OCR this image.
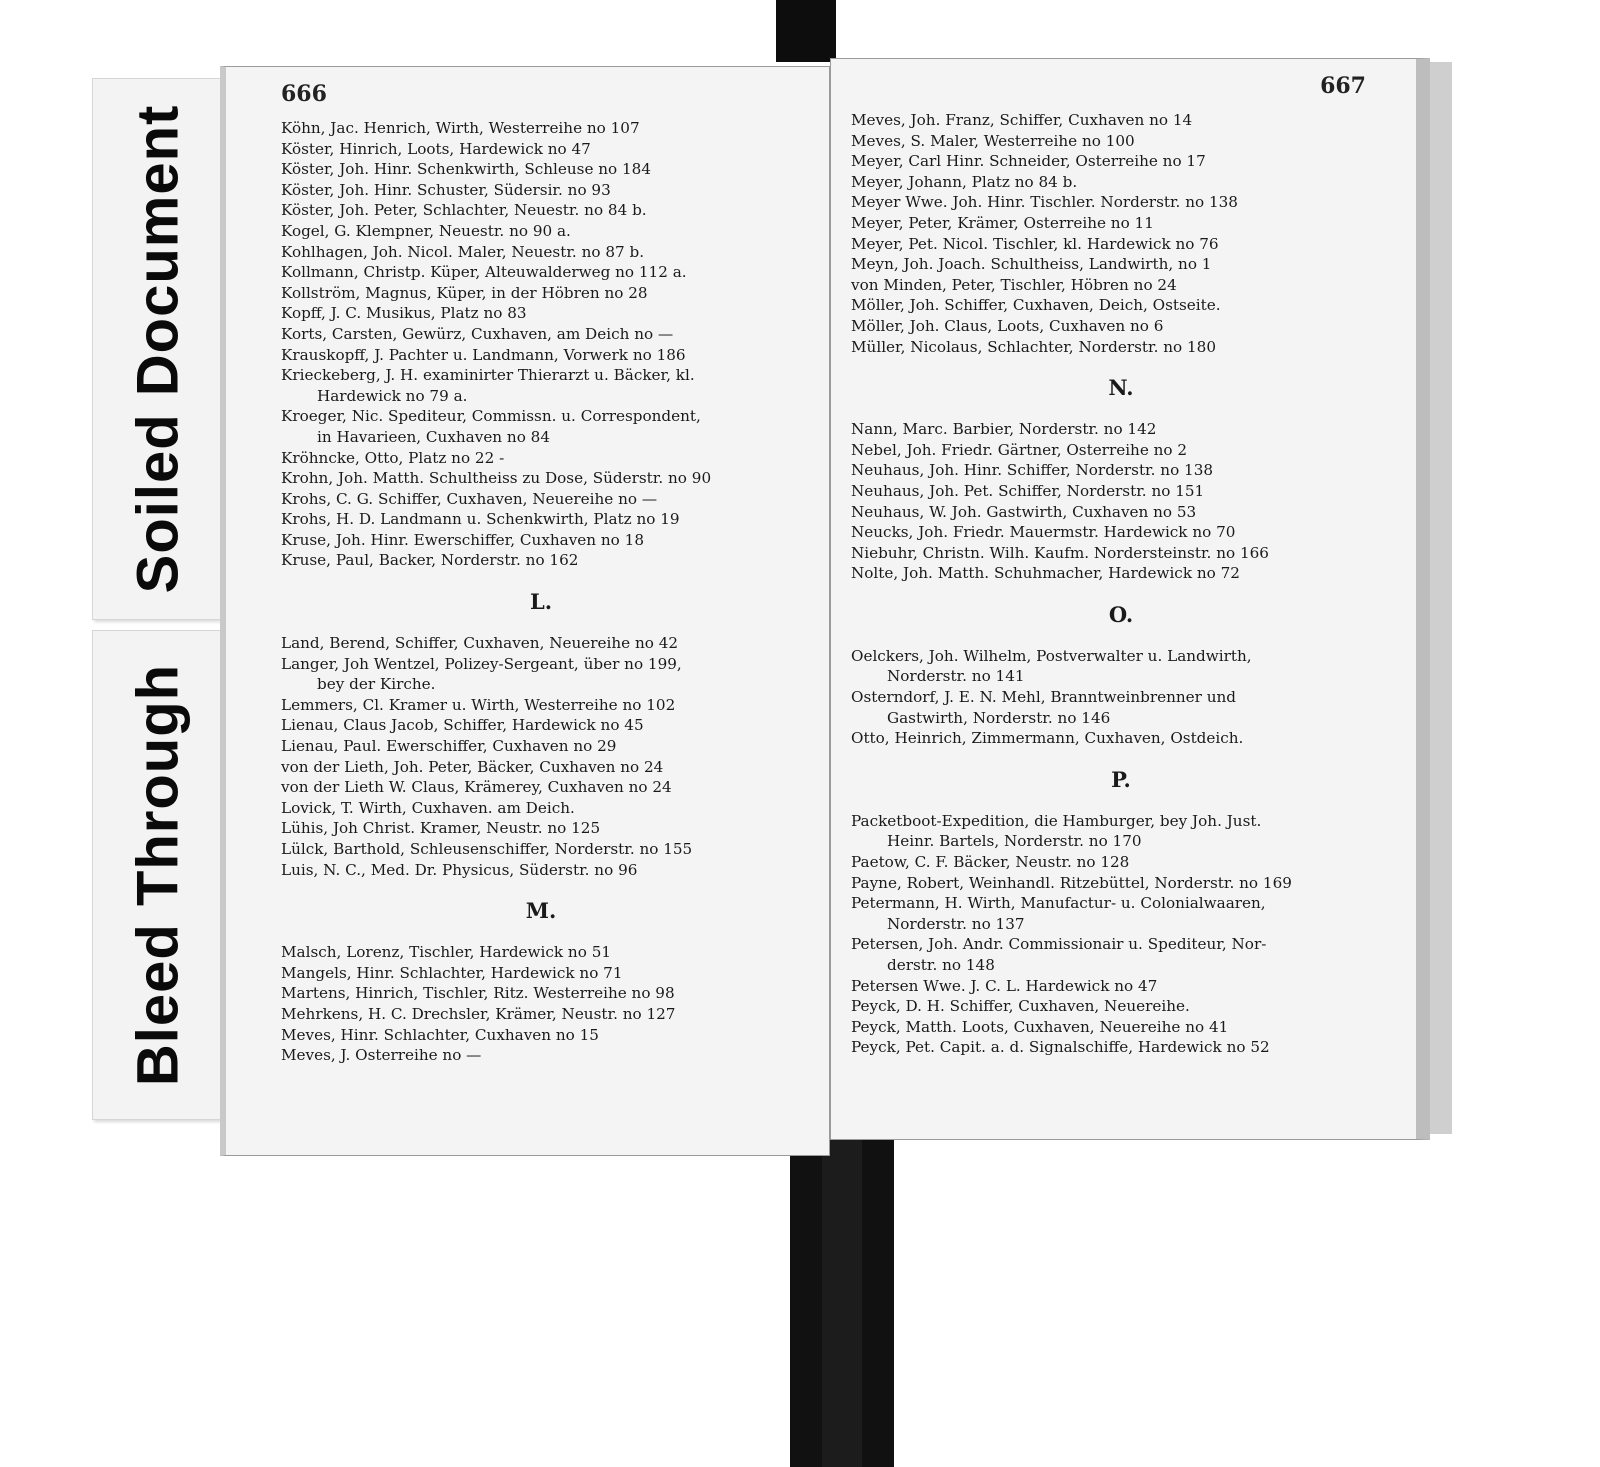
Soiled Document
Bleed Through
666
Köhn, Jac. Henrich, Wirth, Westerreihe no 107
Köster, Hinrich, Loots, Hardewick no 47
Köster, Joh. Hinr. Schenkwirth, Schleuse no 184
Köster, Joh. Hinr. Schuster, Südersir. no 93
Köster, Joh. Peter, Schlachter, Neuestr. no 84 b.
Kogel, G. Klempner, Neuestr. no 90 a.
Kohlhagen, Joh. Nicol. Maler, Neuestr. no 87 b.
Kollmann, Christp. Küper, Alteuwalderweg no 112 a.
Kollström, Magnus, Küper, in der Höbren no 28
Kopff, J. C. Musikus, Platz no 83
Korts, Carsten, Gewürz, Cuxhaven, am Deich no —
Krauskopff, J. Pachter u. Landmann, Vorwerk no 186
Krieckeberg, J. H. examinirter Thierarzt u. Bäcker, kl.
Hardewick no 79 a.
Kroeger, Nic. Spediteur, Commissn. u. Correspondent,
in Havarieen, Cuxhaven no 84
Kröhncke, Otto, Platz no 22 -
Krohn, Joh. Matth. Schultheiss zu Dose, Süderstr. no 90
Krohs, C. G. Schiffer, Cuxhaven, Neuereihe no —
Krohs, H. D. Landmann u. Schenkwirth, Platz no 19
Kruse, Joh. Hinr. Ewerschiffer, Cuxhaven no 18
Kruse, Paul, Backer, Norderstr. no 162
L.
Land, Berend, Schiffer, Cuxhaven, Neuereihe no 42
Langer, Joh Wentzel, Polizey-Sergeant, über no 199,
bey der Kirche.
Lemmers, Cl. Kramer u. Wirth, Westerreihe no 102
Lienau, Claus Jacob, Schiffer, Hardewick no 45
Lienau, Paul. Ewerschiffer, Cuxhaven no 29
von der Lieth, Joh. Peter, Bäcker, Cuxhaven no 24
von der Lieth W. Claus, Krämerey, Cuxhaven no 24
Lovick, T. Wirth, Cuxhaven. am Deich.
Lühis, Joh Christ. Kramer, Neustr. no 125
Lülck, Barthold, Schleusenschiffer, Norderstr. no 155
Luis, N. C., Med. Dr. Physicus, Süderstr. no 96
M.
Malsch, Lorenz, Tischler, Hardewick no 51
Mangels, Hinr. Schlachter, Hardewick no 71
Martens, Hinrich, Tischler, Ritz. Westerreihe no 98
Mehrkens, H. C. Drechsler, Krämer, Neustr. no 127
Meves, Hinr. Schlachter, Cuxhaven no 15
Meves, J. Osterreihe no —
667
Meves, Joh. Franz, Schiffer, Cuxhaven no 14
Meves, S. Maler, Westerreihe no 100
Meyer, Carl Hinr. Schneider, Osterreihe no 17
Meyer, Johann, Platz no 84 b.
Meyer Wwe. Joh. Hinr. Tischler. Norderstr. no 138
Meyer, Peter, Krämer, Osterreihe no 11
Meyer, Pet. Nicol. Tischler, kl. Hardewick no 76
Meyn, Joh. Joach. Schultheiss, Landwirth, no 1
von Minden, Peter, Tischler, Höbren no 24
Möller, Joh. Schiffer, Cuxhaven, Deich, Ostseite.
Möller, Joh. Claus, Loots, Cuxhaven no 6
Müller, Nicolaus, Schlachter, Norderstr. no 180
N.
Nann, Marc. Barbier, Norderstr. no 142
Nebel, Joh. Friedr. Gärtner, Osterreihe no 2
Neuhaus, Joh. Hinr. Schiffer, Norderstr. no 138
Neuhaus, Joh. Pet. Schiffer, Norderstr. no 151
Neuhaus, W. Joh. Gastwirth, Cuxhaven no 53
Neucks, Joh. Friedr. Mauermstr. Hardewick no 70
Niebuhr, Christn. Wilh. Kaufm. Nordersteinstr. no 166
Nolte, Joh. Matth. Schuhmacher, Hardewick no 72
O.
Oelckers, Joh. Wilhelm, Postverwalter u. Landwirth,
Norderstr. no 141
Osterndorf, J. E. N. Mehl, Branntweinbrenner und
Gastwirth, Norderstr. no 146
Otto, Heinrich, Zimmermann, Cuxhaven, Ostdeich.
P.
Packetboot-Expedition, die Hamburger, bey Joh. Just.
Heinr. Bartels, Norderstr. no 170
Paetow, C. F. Bäcker, Neustr. no 128
Payne, Robert, Weinhandl. Ritzebüttel, Norderstr. no 169
Petermann, H. Wirth, Manufactur- u. Colonialwaaren,
Norderstr. no 137
Petersen, Joh. Andr. Commissionair u. Spediteur, Nor-
derstr. no 148
Petersen Wwe. J. C. L. Hardewick no 47
Peyck, D. H. Schiffer, Cuxhaven, Neuereihe.
Peyck, Matth. Loots, Cuxhaven, Neuereihe no 41
Peyck, Pet. Capit. a. d. Signalschiffe, Hardewick no 52
